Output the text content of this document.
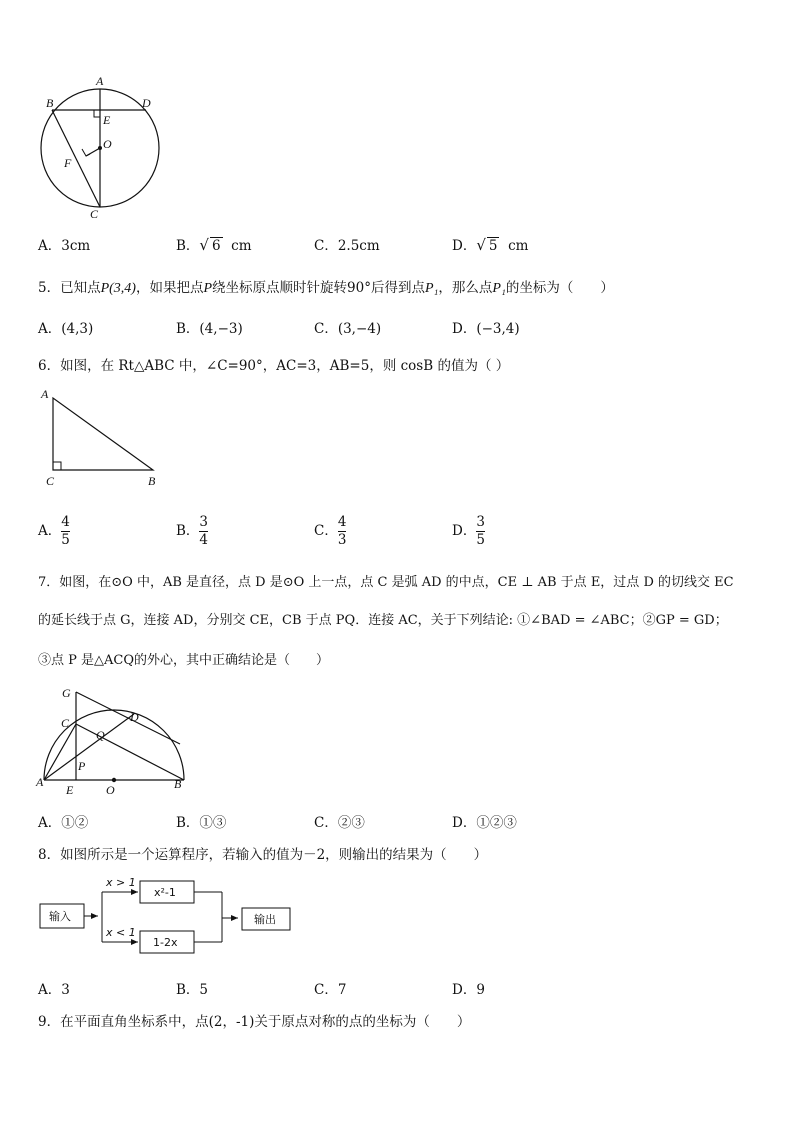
A
B	D
E
O
F
C
A．3cm	B．√ 6 cm	C．2.5cm	D．√ 5 cm
5．已知点P(3,4)，如果把点P绕坐标原点顺时针旋转90°后得到点P₁，那么点P₁的坐标为（　　）
A．(4,3)	B．(4,−3)	C．(3,−4)	D．(−3,4)
6．如图，在 Rt△ABC 中，∠C=90°，AC=3，AB=5，则 cosB 的值为（ ）
A
C	B
A． $\frac{4}{5}$	B． $\frac{3}{4}$	C． $\frac{4}{3}$	D． $\frac{3}{5}$
7．如图，在⊙O 中，AB 是直径，点 D 是⊙O 上一点，点 C 是弧 AD 的中点，CE ⊥ AB 于点 E，过点 D 的切线交 EC
的延长线于点 G，连接 AD，分别交 CE，CB 于点 PQ．连接 AC，关于下列结论: ①∠BAD = ∠ABC；②GP = GD；
③点 P 是△ACQ的外心，其中正确结论是（　　）
G
C	D
Q
P
A
E	O	B
A．①②	B．①③	C．②③	D．①②③
8．如图所示是一个运算程序，若输入的值为－2，则输出的结果为（　　）
输入
x > 1
x < 1
x²-1
1-2x
输出
A．3	B．5	C．7	D．9
9．在平面直角坐标系中，点(2，-1)关于原点对称的点的坐标为（　　）
